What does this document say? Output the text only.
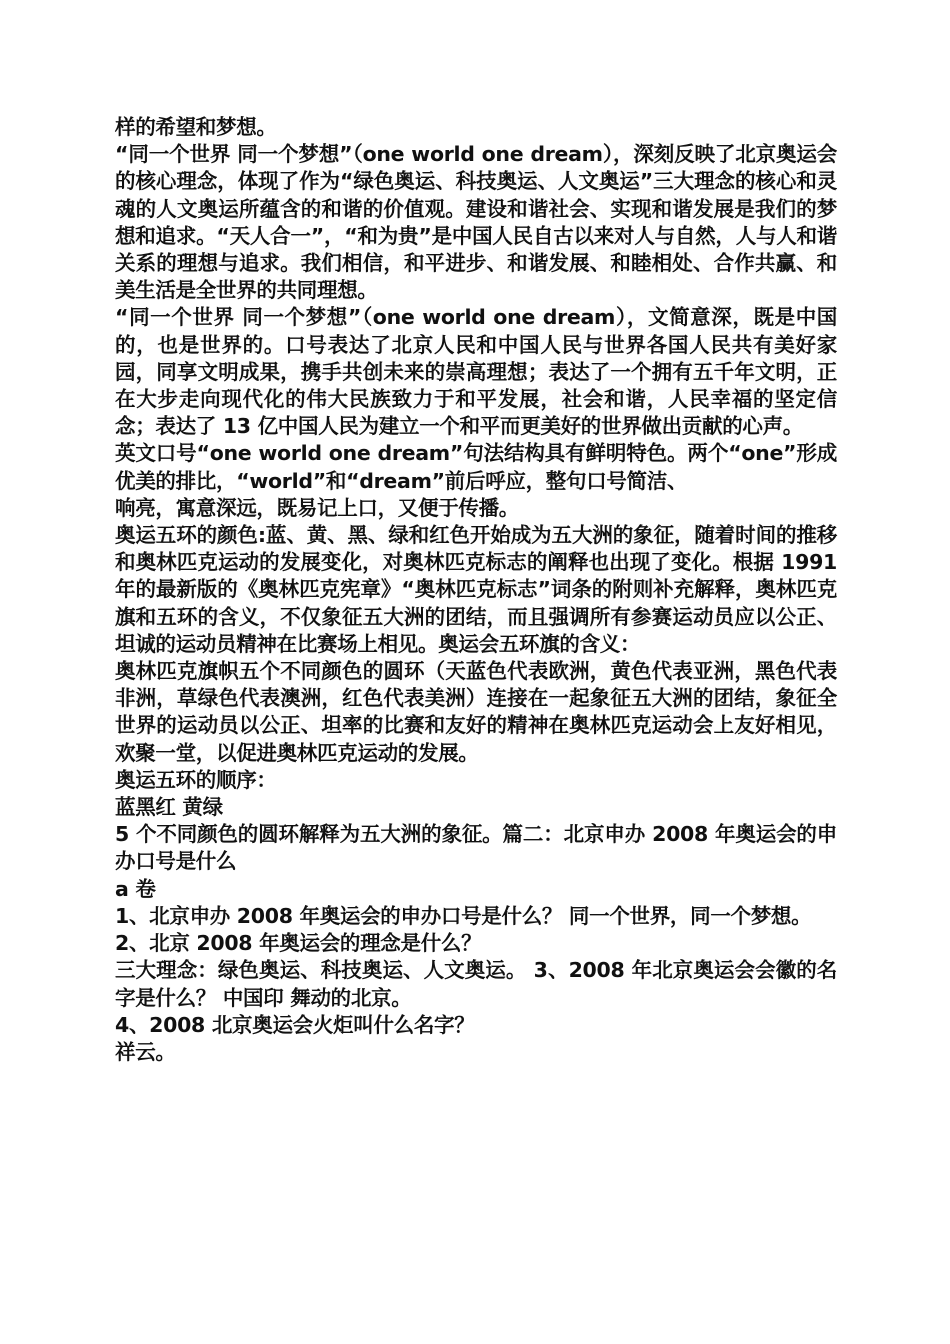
样的希望和梦想。

“同一个世界 同一个梦想”（one world one dream），深刻反映了北京奥运会的核心理念，体现了作为“绿色奥运、科技奥运、人文奥运”三大理念的核心和灵魂的人文奥运所蕴含的和谐的价值观。建设和谐社会、实现和谐发展是我们的梦想和追求。“天人合一”，“和为贵”是中国人民自古以来对人与自然，人与人和谐关系的理想与追求。我们相信，和平进步、和谐发展、和睦相处、合作共赢、和美生活是全世界的共同理想。

“同一个世界 同一个梦想”（one world one dream），文简意深，既是中国的，也是世界的。口号表达了北京人民和中国人民与世界各国人民共有美好家园，同享文明成果，携手共创未来的崇高理想；表达了一个拥有五千年文明，正在大步走向现代化的伟大民族致力于和平发展，社会和谐，人民幸福的坚定信念；表达了 13 亿中国人民为建立一个和平而更美好的世界做出贡献的心声。

英文口号“one world one dream”句法结构具有鲜明特色。两个“one”形成优美的排比，“world”和“dream”前后呼应，整句口号简洁、

响亮，寓意深远，既易记上口，又便于传播。

奥运五环的颜色:蓝、黄、黑、绿和红色开始成为五大洲的象征，随着时间的推移和奥林匹克运动的发展变化，对奥林匹克标志的阐释也出现了变化。根据 1991 年的最新版的《奥林匹克宪章》“奥林匹克标志”词条的附则补充解释，奥林匹克旗和五环的含义，不仅象征五大洲的团结，而且强调所有参赛运动员应以公正、坦诚的运动员精神在比赛场上相见。奥运会五环旗的含义：

奥林匹克旗帜五个不同颜色的圆环（天蓝色代表欧洲，黄色代表亚洲，黑色代表非洲，草绿色代表澳洲，红色代表美洲）连接在一起象征五大洲的团结，象征全世界的运动员以公正、坦率的比赛和友好的精神在奥林匹克运动会上友好相见，欢聚一堂，以促进奥林匹克运动的发展。

奥运五环的顺序：

蓝黑红 黄绿

5 个不同颜色的圆环解释为五大洲的象征。篇二：北京申办 2008 年奥运会的申办口号是什么

a 卷

1、北京申办 2008 年奥运会的申办口号是什么？ 同一个世界，同一个梦想。

2、北京 2008 年奥运会的理念是什么？

三大理念：绿色奥运、科技奥运、人文奥运。 3、2008 年北京奥运会会徽的名字是什么？ 中国印 舞动的北京。

4、2008 北京奥运会火炬叫什么名字？

祥云。
